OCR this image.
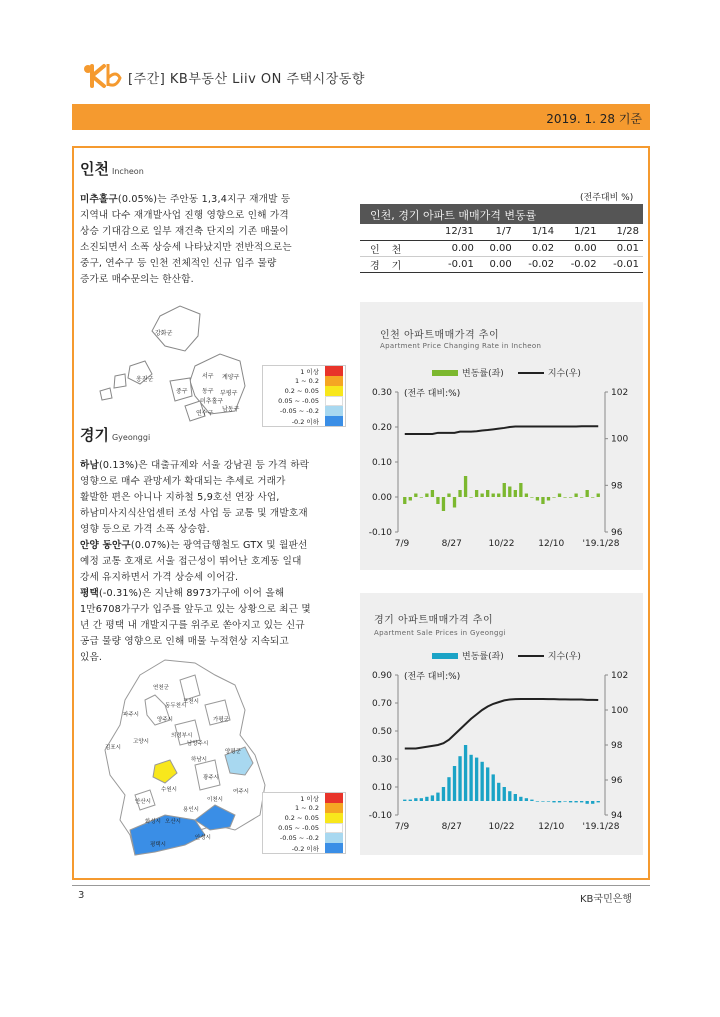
[주간] KB부동산 Liiv ON 주택시장동향
2019. 1. 28 기준
인천 Incheon
미추홀구(0.05%)는 주안동 1,3,4지구 재개발 등
지역내 다수 재개발사업 진행 영향으로 인해 가격
상승 기대감으로 일부 재건축 단지의 기존 매물이
소진되면서 소폭 상승세 나타났지만 전반적으로는
중구, 연수구 등 인천 전체적인 신규 입주 물량
증가로 매수문의는 한산함.
(전주대비 %)
인천, 경기 아파트 매매가격 변동률
	12/31	1/7	1/14	1/21	1/28
인천	0.00	0.00	0.02	0.00	0.01
경기	-0.01	0.00	-0.02	-0.02	-0.01
강화군
옹진군	서구 계양구
부평구
동구
중구
남동구
연수구
미추홀구
1 이상
1 ~ 0.2
0.2 ~ 0.05
0.05 ~ -0.05
-0.05 ~ -0.2
-0.2 이하
경기 Gyeonggi
하남(0.13%)은 대출규제와 서울 강남권 등 가격 하락
영향으로 매수 관망세가 확대되는 추세로 거래가
활발한 편은 아니나 지하철 5,9호선 연장 사업,
하남미사지식산업센터 조성 사업 등 교통 및 개발호재
영향 등으로 가격 소폭 상승함.
안양 동안구(0.07%)는 광역급행철도 GTX 및 월판선
예정 교통 호재로 서울 접근성이 뛰어난 호계동 일대
강세 유지하면서 가격 상승세 이어감.
평택(-0.31%)은 지난해 8973가구에 이어 올해
1만6708가구가 입주를 앞두고 있는 상황으로 최근 몇
년 간 평택 내 개발지구를 위주로 쏟아지고 있는 신규
공급 물량 영향으로 인해 매물 누적현상 지속되고
있음.
연천군
포천시
파주시
양주시
동두천시
가평군
고양시
의정부시
남양주시
김포시
양평군
하남시
광주시
이천시
여주시
안산시
화성시
용인시
평택시
안성시
수원시
오산시
1 이상
1 ~ 0.2
0.2 ~ 0.05
0.05 ~ -0.05
-0.05 ~ -0.2
-0.2 이하
인천 아파트매매가격 추이
Apartment Price Changing Rate in Incheon
변동률(좌)	지수(우)
0.30
0.20
0.10
0.00
-0.10
102
100
98
96
(전주 대비:%)
7/9	8/27	10/22	12/10 '19.1/28
경기 아파트매매가격 추이
Apartment Sale Prices in Gyeonggi
변동률(좌)	지수(우)
0.90
0.70
0.50
0.30
0.10
-0.10
102
100
98
96
94
(전주 대비:%)
7/9	8/27	10/22	12/10 '19.1/28
3	KB국민은행
